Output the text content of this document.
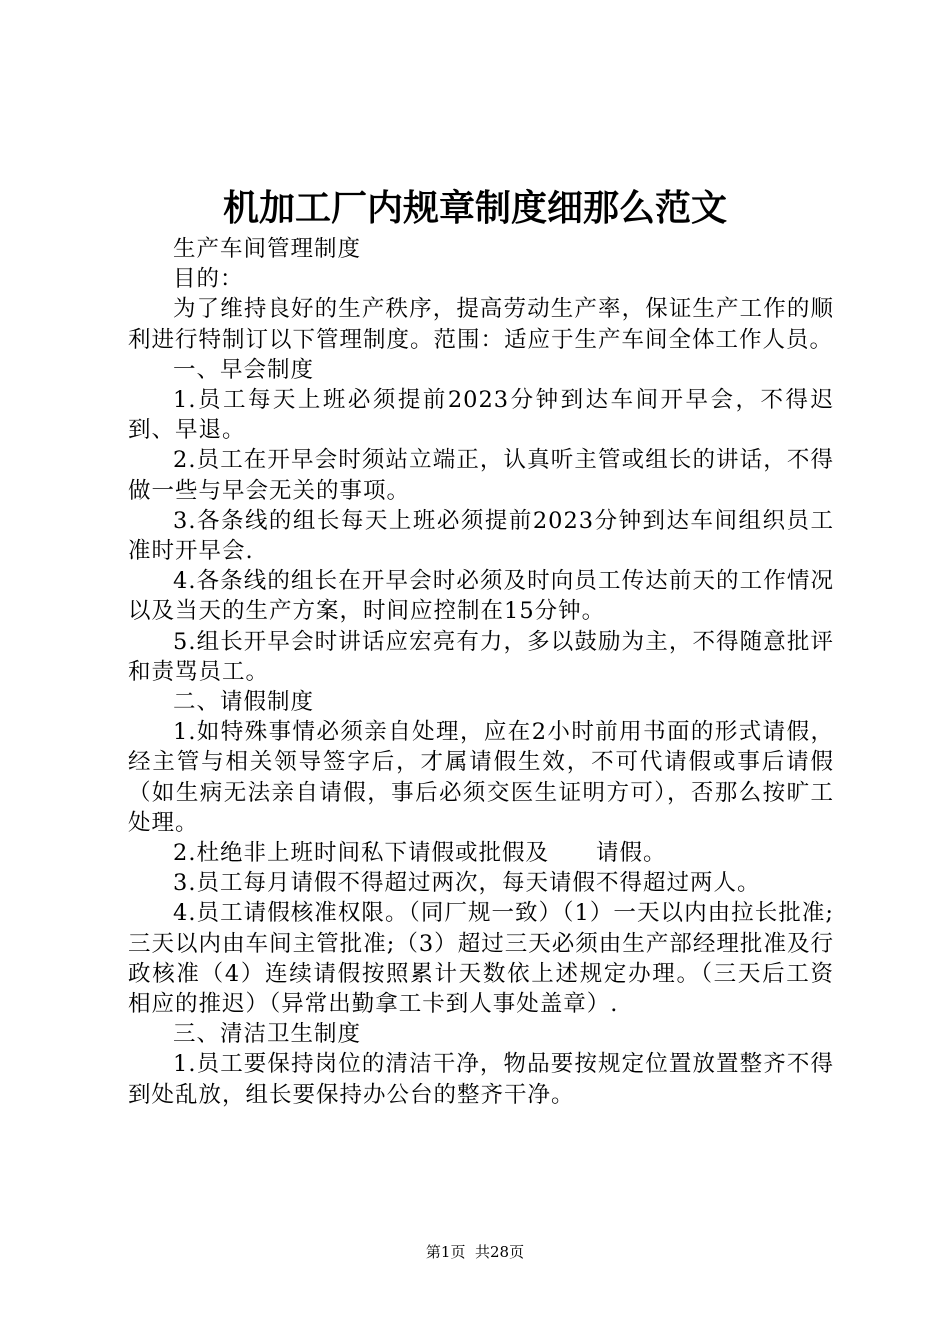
机加工厂内规章制度细那么范文

生产车间管理制度

目的：

为了维持良好的生产秩序，提高劳动生产率，保证生产工作的顺利进行特制订以下管理制度。范围：适应于生产车间全体工作人员。

一、早会制度

1.员工每天上班必须提前2023分钟到达车间开早会，不得迟到、早退。

2.员工在开早会时须站立端正，认真听主管或组长的讲话，不得做一些与早会无关的事项。

3.各条线的组长每天上班必须提前2023分钟到达车间组织员工准时开早会.

4.各条线的组长在开早会时必须及时向员工传达前天的工作情况以及当天的生产方案，时间应控制在15分钟。

5.组长开早会时讲话应宏亮有力，多以鼓励为主，不得随意批评和责骂员工。

二、请假制度

1.如特殊事情必须亲自处理，应在2小时前用书面的形式请假，经主管与相关领导签字后，才属请假生效，不可代请假或事后请假（如生病无法亲自请假，事后必须交医生证明方可），否那么按旷工处理。

2.杜绝非上班时间私下请假或批假及　　请假。

3.员工每月请假不得超过两次，每天请假不得超过两人。

4.员工请假核准权限。（同厂规一致）（1）一天以内由拉长批准;三天以内由车间主管批准;（3）超过三天必须由生产部经理批准及行政核准（4）连续请假按照累计天数依上述规定办理。（三天后工资相应的推迟）（异常出勤拿工卡到人事处盖章）.

三、清洁卫生制度

1.员工要保持岗位的清洁干净，物品要按规定位置放置整齐不得到处乱放，组长要保持办公台的整齐干净。

第1页  共28页
